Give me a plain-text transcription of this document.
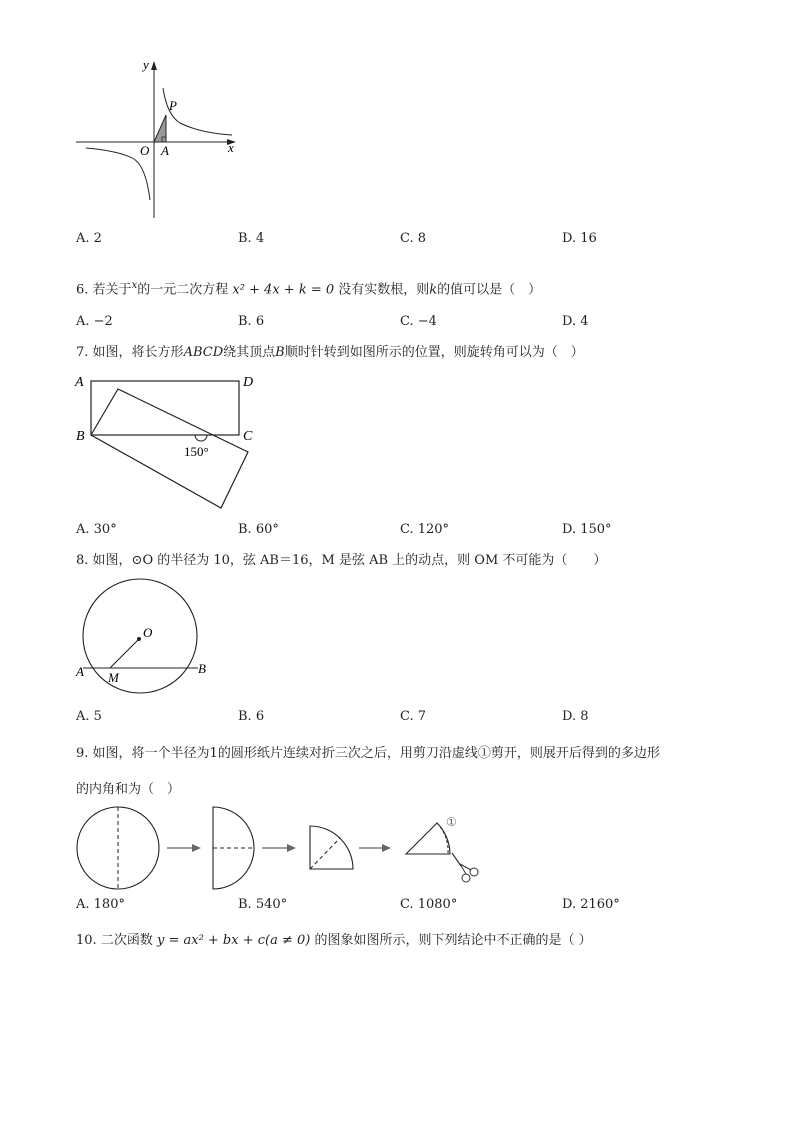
y
x
O
P
A
A. 2	B. 4	C. 8	D. 16
6. 若关于$^x$的一元二次方程 x² + 4x + k = 0 没有实数根，则k的值可以是（　）
A. −2	B. 6	C. −4	D. 4
7. 如图，将长方形ABCD绕其顶点B顺时针转到如图所示的位置，则旋转角可以为（　）
A	D
B	C
150°
A. 30°	B. 60°	C. 120°	D. 150°
8. 如图，⊙O 的半径为 10，弦 AB＝16，M 是弦 AB 上的动点，则 OM 不可能为（　　）
O
A	B
M
A. 5	B. 6	C. 7	D. 8
9. 如图，将一个半径为1的圆形纸片连续对折三次之后，用剪刀沿虚线①剪开，则展开后得到的多边形
的内角和为（　）
①
A. 180°	B. 540°	C. 1080°	D. 2160°
10. 二次函数 y = ax² + bx + c(a ≠ 0) 的图象如图所示，则下列结论中不正确的是（ ）
